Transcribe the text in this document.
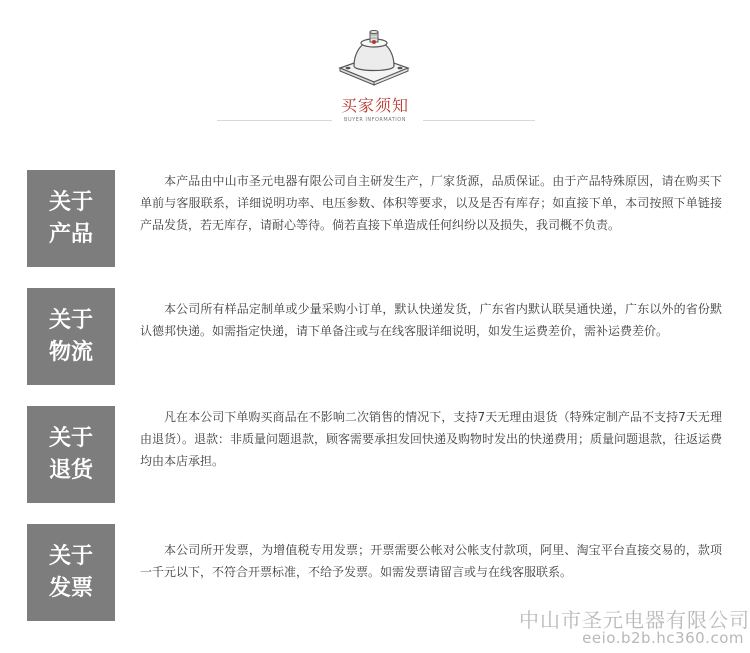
买家须知
BUYER INFORMATION
关于
产品
本产品由中山市圣元电器有限公司自主研发生产，厂家货源，品质保证。由于产品特殊原因，请在购买下单前与客服联系，详细说明功率、电压参数、体积等要求，以及是否有库存；如直接下单，本司按照下单链接产品发货，若无库存，请耐心等待。倘若直接下单造成任何纠纷以及损失，我司概不负责。
关于
物流
本公司所有样品定制单或少量采购小订单，默认快递发货，广东省内默认联昊通快递，广东以外的省份默认德邦快递。如需指定快递，请下单备注或与在线客服详细说明，如发生运费差价，需补运费差价。
关于
退货
凡在本公司下单购买商品在不影响二次销售的情况下，支持7天无理由退货（特殊定制产品不支持7天无理由退货）。退款：非质量问题退款，顾客需要承担发回快递及购物时发出的快递费用；质量问题退款，往返运费均由本店承担。
关于
发票
本公司所开发票，为增值税专用发票；开票需要公帐对公帐支付款项，阿里、淘宝平台直接交易的，款项一千元以下，不符合开票标准，不给予发票。如需发票请留言或与在线客服联系。
中山市圣元电器有限公司
eeio.b2b.hc360.com
